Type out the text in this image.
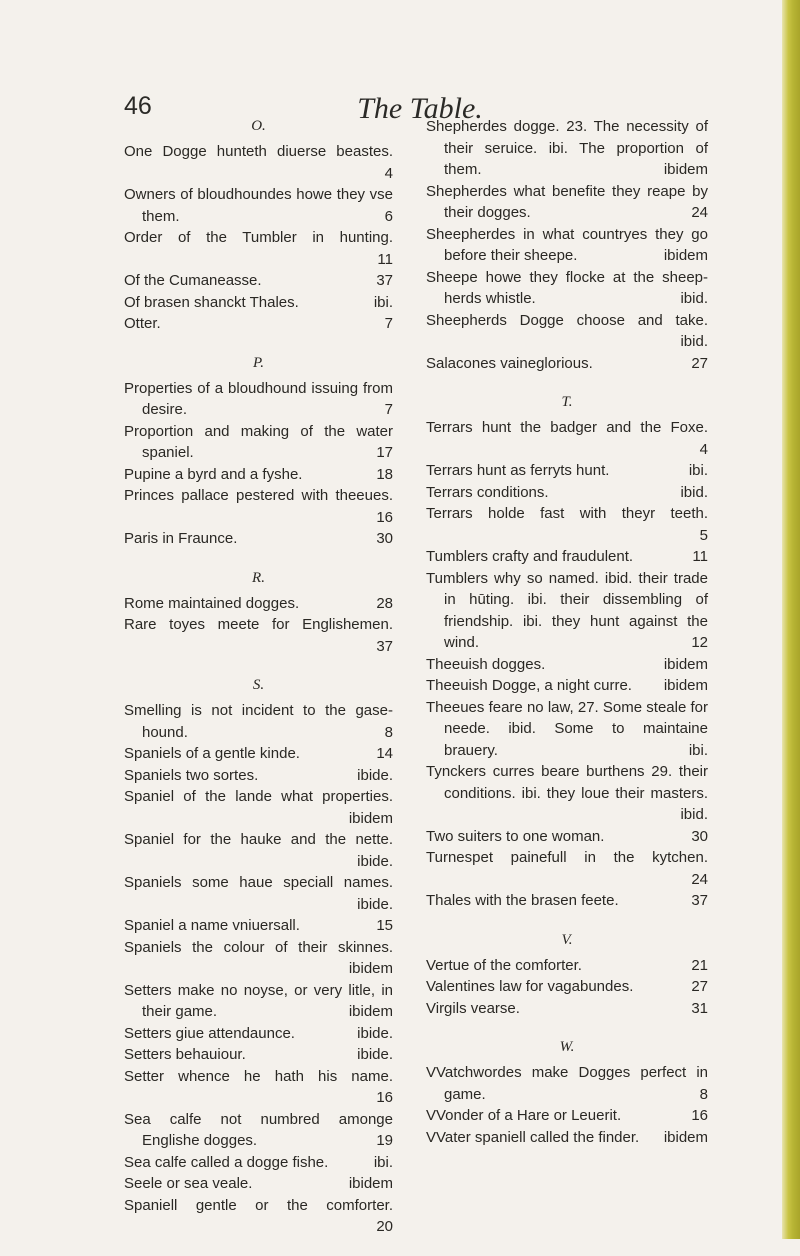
46	The Table.
O.
One Dogge hunteth diuerse beastes.
4
Owners of bloudhoundes howe they vse them.	6
Order of the Tumbler in hunting.
11
Of the Cumaneasse.	37
Of brasen shanckt Thales.	ibi.
Otter.	7
P.
Properties of a bloudhound issuing from desire.	7
Proportion and making of the water spaniel.	17
Pupine a byrd and a fyshe.	18
Princes pallace pestered with theeues.
16
Paris in Fraunce.	30
R.
Rome maintained dogges.	28
Rare toyes meete for Englishemen.
37
S.
Smelling is not incident to the gase-hound.	8
Spaniels of a gentle kinde.	14
Spaniels two sortes.	ibide.
Spaniel of the lande what properties.
ibidem
Spaniel for the hauke and the nette.
ibide.
Spaniels some haue speciall names.
ibide.
Spaniel a name vniuersall.	15
Spaniels the colour of their skinnes.
ibidem
Setters make no noyse, or very litle, in their game.	ibidem
Setters giue attendaunce.	ibide.
Setters behauiour.	ibide.
Setter whence he hath his name.
16
Sea calfe not numbred amonge Englishe dogges.	19
Sea calfe called a dogge fishe.	ibi.
Seele or sea veale.	ibidem
Spaniell gentle or the comforter.
20
Shepherdes dogge. 23. The necessity of their seruice. ibi. The proportion of them.	ibidem
Shepherdes what benefite they reape by their dogges.	24
Sheepherdes in what countryes they go before their sheepe.	ibidem
Sheepe howe they flocke at the sheep-herds whistle.	ibid.
Sheepherds Dogge choose and take.
ibid.
Salacones vaineglorious.	27
T.
Terrars hunt the badger and the Foxe.
4
Terrars hunt as ferryts hunt.	ibi.
Terrars conditions.	ibid.
Terrars holde fast with theyr teeth.
5
Tumblers crafty and fraudulent.	11
Tumblers why so named. ibid. their trade in hūting. ibi. their dissembling of friendship. ibi. they hunt against the wind.	12
Theeuish dogges.	ibidem
Theeuish Dogge, a night curre.	ibidem
Theeues feare no law, 27. Some steale for neede. ibid. Some to maintaine brauery.	ibi.
Tynckers curres beare burthens 29. their conditions. ibi. they loue their masters.
ibid.
Two suiters to one woman.	30
Turnespet painefull in the kytchen.
24
Thales with the brasen feete.	37
V.
Vertue of the comforter.	21
Valentines law for vagabundes.	27
Virgils vearse.	31
W.
VVatchwordes make Dogges perfect in game.	8
VVonder of a Hare or Leuerit.	16
VVater spaniell called the finder.	ibidem
